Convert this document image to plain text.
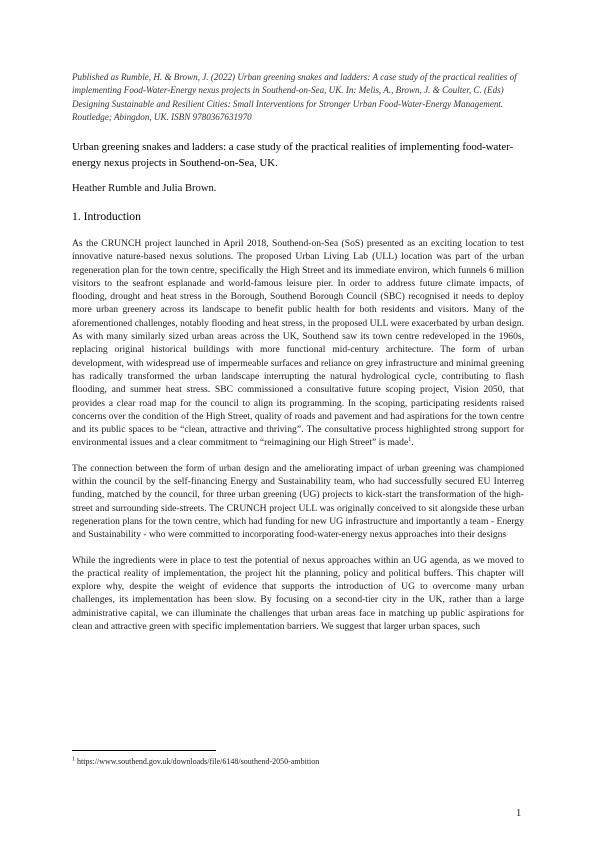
Published as Rumble, H. & Brown, J. (2022) Urban greening snakes and ladders: A case study of the practical realities of implementing Food-Water-Energy nexus projects in Southend-on-Sea, UK. In: Melis, A., Brown, J. & Coulter, C. (Eds) Designing Sustainable and Resilient Cities: Small Interventions for Stronger Urban Food-Water-Energy Management. Routledge; Abingdon, UK. ISBN 9780367631970
Urban greening snakes and ladders: a case study of the practical realities of implementing food-water-energy nexus projects in Southend-on-Sea, UK.
Heather Rumble and Julia Brown.
1. Introduction

As the CRUNCH project launched in April 2018, Southend-on-Sea (SoS) presented as an exciting location to test innovative nature-based nexus solutions. The proposed Urban Living Lab (ULL) location was part of the urban regeneration plan for the town centre, specifically the High Street and its immediate environ, which funnels 6 million visitors to the seafront esplanade and world-famous leisure pier. In order to address future climate impacts, of flooding, drought and heat stress in the Borough, Southend Borough Council (SBC) recognised it needs to deploy more urban greenery across its landscape to benefit public health for both residents and visitors. Many of the aforementioned challenges, notably flooding and heat stress, in the proposed ULL were exacerbated by urban design. As with many similarly sized urban areas across the UK, Southend saw its town centre redeveloped in the 1960s, replacing original historical buildings with more functional mid-century architecture. The form of urban development, with widespread use of impermeable surfaces and reliance on grey infrastructure and minimal greening has radically transformed the urban landscape interrupting the natural hydrological cycle, contributing to flash flooding, and summer heat stress. SBC commissioned a consultative future scoping project, Vision 2050, that provides a clear road map for the council to align its programming. In the scoping, participating residents raised concerns over the condition of the High Street, quality of roads and pavement and had aspirations for the town centre and its public spaces to be “clean, attractive and thriving”. The consultative process highlighted strong support for environmental issues and a clear commitment to “reimagining our High Street” is made$^1$.

The connection between the form of urban design and the ameliorating impact of urban greening was championed within the council by the self-financing Energy and Sustainability team, who had successfully secured EU Interreg funding, matched by the council, for three urban greening (UG) projects to kick-start the transformation of the high-street and surrounding side-streets. The CRUNCH project ULL was originally conceived to sit alongside these urban regeneration plans for the town centre, which had funding for new UG infrastructure and importantly a team - Energy and Sustainability - who were committed to incorporating food-water-energy nexus approaches into their designs

While the ingredients were in place to test the potential of nexus approaches within an UG agenda, as we moved to the practical reality of implementation, the project hit the planning, policy and political buffers. This chapter will explore why, despite the weight of evidence that supports the introduction of UG to overcome many urban challenges, its implementation has been slow. By focusing on a second-tier city in the UK, rather than a large administrative capital, we can illuminate the challenges that urban areas face in matching up public aspirations for clean and attractive green with specific implementation barriers. We suggest that larger urban spaces, such

$^1$ https://www.southend.gov.uk/downloads/file/6148/southend-2050-ambition
1
